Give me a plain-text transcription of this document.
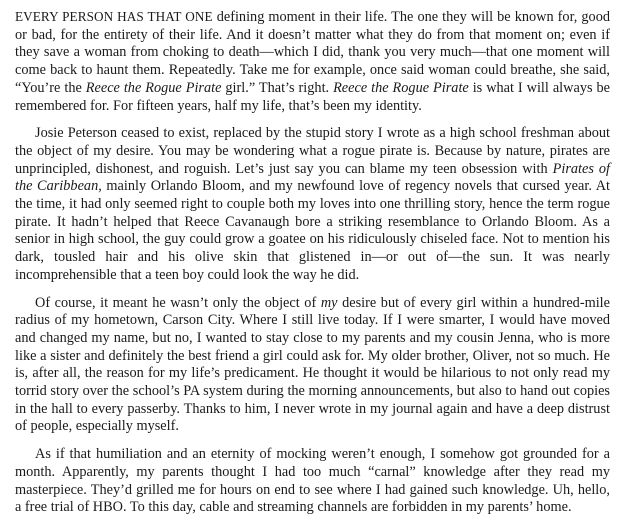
EVERY PERSON HAS THAT ONE defining moment in their life. The one they will be known for, good or bad, for the entirety of their life. And it doesn’t matter what they do from that moment on; even if they save a woman from choking to death—which I did, thank you very much—that one moment will come back to haunt them. Repeatedly. Take me for example, once said woman could breathe, she said, “You’re the Reece the Rogue Pirate girl.” That’s right. Reece the Rogue Pirate is what I will always be remembered for. For fifteen years, half my life, that’s been my identity.

Josie Peterson ceased to exist, replaced by the stupid story I wrote as a high school freshman about the object of my desire. You may be wondering what a rogue pirate is. Because by nature, pirates are unprincipled, dishonest, and roguish. Let’s just say you can blame my teen obsession with Pirates of the Caribbean, mainly Orlando Bloom, and my newfound love of regency novels that cursed year. At the time, it had only seemed right to couple both my loves into one thrilling story, hence the term rogue pirate. It hadn’t helped that Reece Cavanaugh bore a striking resemblance to Orlando Bloom. As a senior in high school, the guy could grow a goatee on his ridiculously chiseled face. Not to mention his dark, tousled hair and his olive skin that glistened in—or out of—the sun. It was nearly incomprehensible that a teen boy could look the way he did.

Of course, it meant he wasn’t only the object of my desire but of every girl within a hundred-mile radius of my hometown, Carson City. Where I still live today. If I were smarter, I would have moved and changed my name, but no, I wanted to stay close to my parents and my cousin Jenna, who is more like a sister and definitely the best friend a girl could ask for. My older brother, Oliver, not so much. He is, after all, the reason for my life’s predicament. He thought it would be hilarious to not only read my torrid story over the school’s PA system during the morning announcements, but also to hand out copies in the hall to every passerby. Thanks to him, I never wrote in my journal again and have a deep distrust of people, especially myself.

As if that humiliation and an eternity of mocking weren’t enough, I somehow got grounded for a month. Apparently, my parents thought I had too much “carnal” knowledge after they read my masterpiece. They’d grilled me for hours on end to see where I had gained such knowledge. Uh, hello, a free trial of HBO. To this day, cable and streaming channels are forbidden in my parents’ home.
